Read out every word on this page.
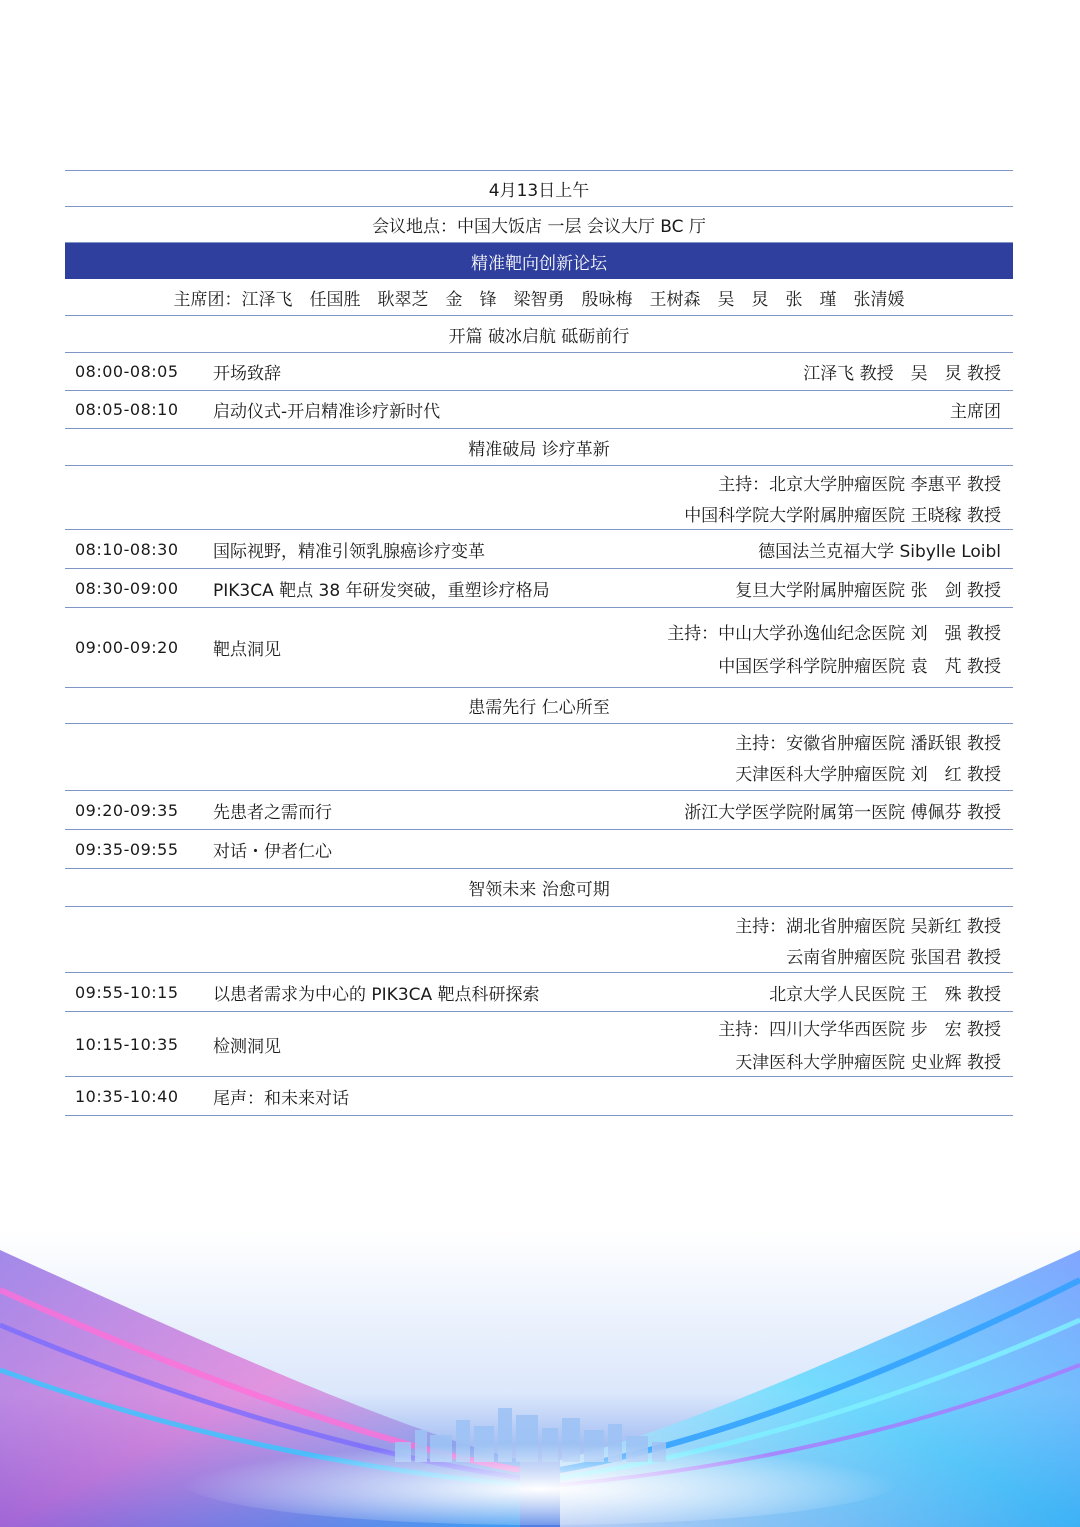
4月13日上午
会议地点：中国大饭店 一层 会议大厅 BC 厅
精准靶向创新论坛
主席团：江泽飞　任国胜　耿翠芝　金　锋　梁智勇　殷咏梅　王树森　吴　炅　张　瑾　张清媛
开篇 破冰启航 砥砺前行
08:00-08:05 开场致辞	江泽飞 教授　吴　炅 教授
08:05-08:10 启动仪式-开启精准诊疗新时代	主席团
精准破局 诊疗革新
主持：北京大学肿瘤医院 李惠平 教授
中国科学院大学附属肿瘤医院 王晓稼 教授
08:10-08:30 国际视野，精准引领乳腺癌诊疗变革	德国法兰克福大学 Sibylle Loibl
08:30-09:00 PIK3CA 靶点 38 年研发突破，重塑诊疗格局	复旦大学附属肿瘤医院 张　剑 教授
09:00-09:20 靶点洞见
主持：中山大学孙逸仙纪念医院 刘　强 教授
中国医学科学院肿瘤医院 袁　芃 教授
患需先行 仁心所至
主持：安徽省肿瘤医院 潘跃银 教授
天津医科大学肿瘤医院 刘　红 教授
09:20-09:35 先患者之需而行	浙江大学医学院附属第一医院 傅佩芬 教授
09:35-09:55 对话・伊者仁心
智领未来 治愈可期
主持：湖北省肿瘤医院 吴新红 教授
云南省肿瘤医院 张国君 教授
09:55-10:15 以患者需求为中心的 PIK3CA 靶点科研探索	北京大学人民医院 王　殊 教授
10:15-10:35 检测洞见
主持：四川大学华西医院 步　宏 教授
天津医科大学肿瘤医院 史业辉 教授
10:35-10:40 尾声：和未来对话
